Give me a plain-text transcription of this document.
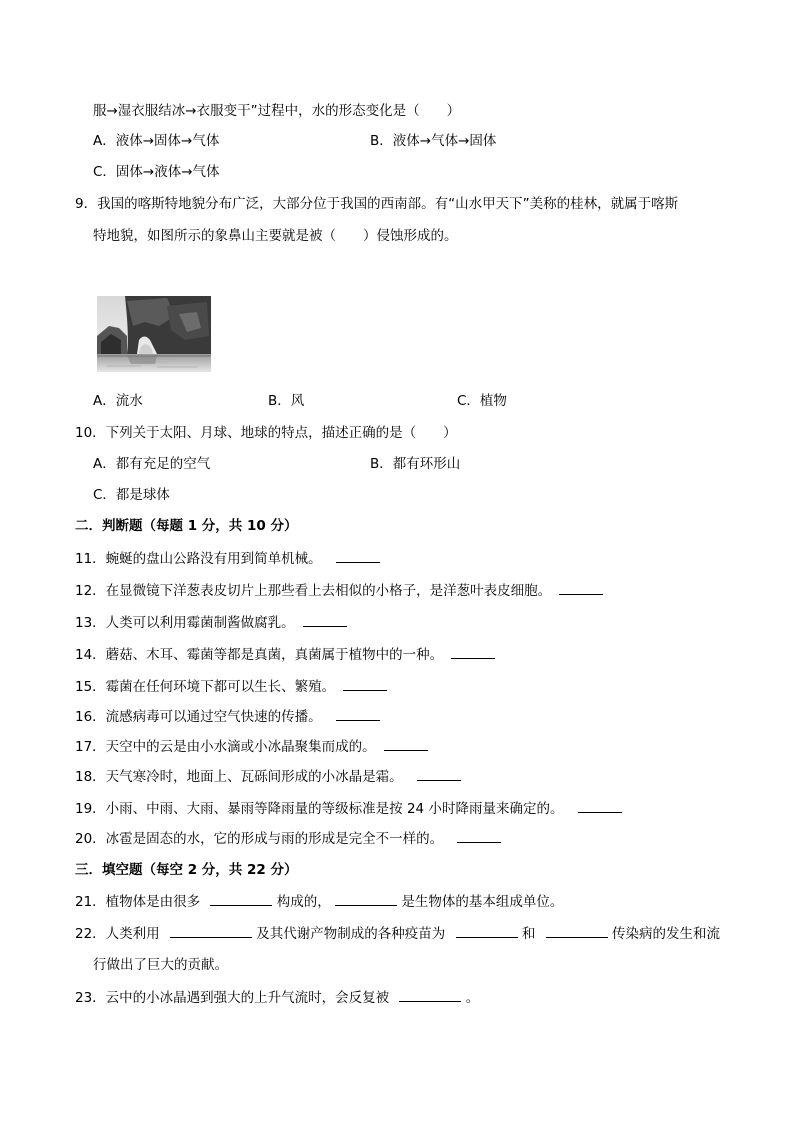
服→湿衣服结冰→衣服变干”过程中，水的形态变化是（　　）
A．液体→固体→气体	B．液体→气体→固体
C．固体→液体→气体
9．我国的喀斯特地貌分布广泛，大部分位于我国的西南部。有“山水甲天下”美称的桂林，就属于喀斯
特地貌，如图所示的象鼻山主要就是被（　　）侵蚀形成的。
A．流水	B．风	C．植物
10．下列关于太阳、月球、地球的特点，描述正确的是（　　）
A．都有充足的空气	B．都有环形山
C．都是球体
二．判断题（每题 1 分，共 10 分）
11．蜿蜒的盘山公路没有用到简单机械。
12．在显微镜下洋葱表皮切片上那些看上去相似的小格子，是洋葱叶表皮细胞。
13．人类可以利用霉菌制酱做腐乳。
14．蘑菇、木耳、霉菌等都是真菌，真菌属于植物中的一种。
15．霉菌在任何环境下都可以生长、繁殖。
16．流感病毒可以通过空气快速的传播。
17．天空中的云是由小水滴或小冰晶聚集而成的。
18．天气寒冷时，地面上、瓦砾间形成的小冰晶是霜。
19．小雨、中雨、大雨、暴雨等降雨量的等级标准是按 24 小时降雨量来确定的。
20．冰雹是固态的水，它的形成与雨的形成是完全不一样的。
三．填空题（每空 2 分，共 22 分）
21．植物体是由很多	构成的，	是生物体的基本组成单位。
22．人类利用	及其代谢产物制成的各种疫苗为	和	传染病的发生和流
行做出了巨大的贡献。
23．云中的小冰晶遇到强大的上升气流时，会反复被	。
